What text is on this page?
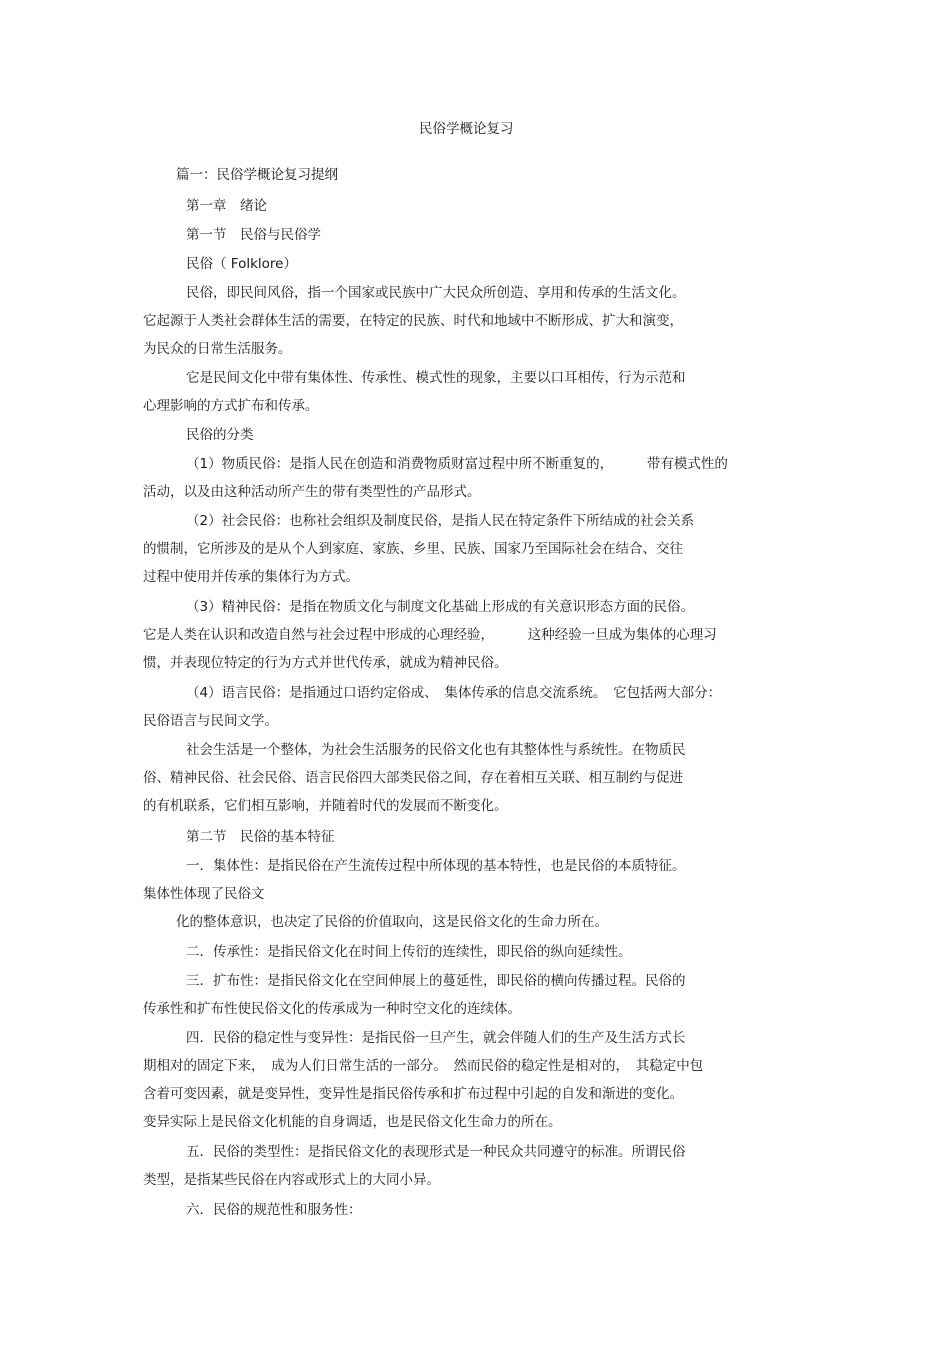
民俗学概论复习
篇一：民俗学概论复习提纲
第一章　绪论
第一节　民俗与民俗学
民俗（ Folklore）
民俗，即民间风俗，指一个国家或民族中广大民众所创造、享用和传承的生活文化。
它起源于人类社会群体生活的需要，在特定的民族、时代和地域中不断形成、扩大和演变，
为民众的日常生活服务。
它是民间文化中带有集体性、传承性、模式性的现象，主要以口耳相传，行为示范和
心理影响的方式扩布和传承。
民俗的分类
（1）物质民俗：是指人民在创造和消费物质财富过程中所不断重复的，　　　带有模式性的
活动，以及由这种活动所产生的带有类型性的产品形式。
（2）社会民俗：也称社会组织及制度民俗，是指人民在特定条件下所结成的社会关系
的惯制，它所涉及的是从个人到家庭、家族、乡里、民族、国家乃至国际社会在结合、交往
过程中使用并传承的集体行为方式。
（3）精神民俗：是指在物质文化与制度文化基础上形成的有关意识形态方面的民俗。
它是人类在认识和改造自然与社会过程中形成的心理经验，　　　这种经验一旦成为集体的心理习
惯，并表现位特定的行为方式并世代传承，就成为精神民俗。
（4）语言民俗：是指通过口语约定俗成、　集体传承的信息交流系统。　它包括两大部分：
民俗语言与民间文学。
社会生活是一个整体，为社会生活服务的民俗文化也有其整体性与系统性。在物质民
俗、精神民俗、社会民俗、语言民俗四大部类民俗之间，存在着相互关联、相互制约与促进
的有机联系，它们相互影响，并随着时代的发展而不断变化。
第二节　民俗的基本特征
一．集体性：是指民俗在产生流传过程中所体现的基本特性，也是民俗的本质特征。
集体性体现了民俗文
化的整体意识，也决定了民俗的价值取向，这是民俗文化的生命力所在。
二．传承性：是指民俗文化在时间上传衍的连续性，即民俗的纵向延续性。
三．扩布性：是指民俗文化在空间伸展上的蔓延性，即民俗的横向传播过程。民俗的
传承性和扩布性使民俗文化的传承成为一种时空文化的连续体。
四．民俗的稳定性与变异性：是指民俗一旦产生，就会伴随人们的生产及生活方式长
期相对的固定下来，　成为人们日常生活的一部分。　然而民俗的稳定性是相对的，　其稳定中包
含着可变因素，就是变异性，变异性是指民俗传承和扩布过程中引起的自发和渐进的变化。
变异实际上是民俗文化机能的自身调适，也是民俗文化生命力的所在。
五．民俗的类型性：是指民俗文化的表现形式是一种民众共同遵守的标准。所谓民俗
类型，是指某些民俗在内容或形式上的大同小异。
六．民俗的规范性和服务性：
